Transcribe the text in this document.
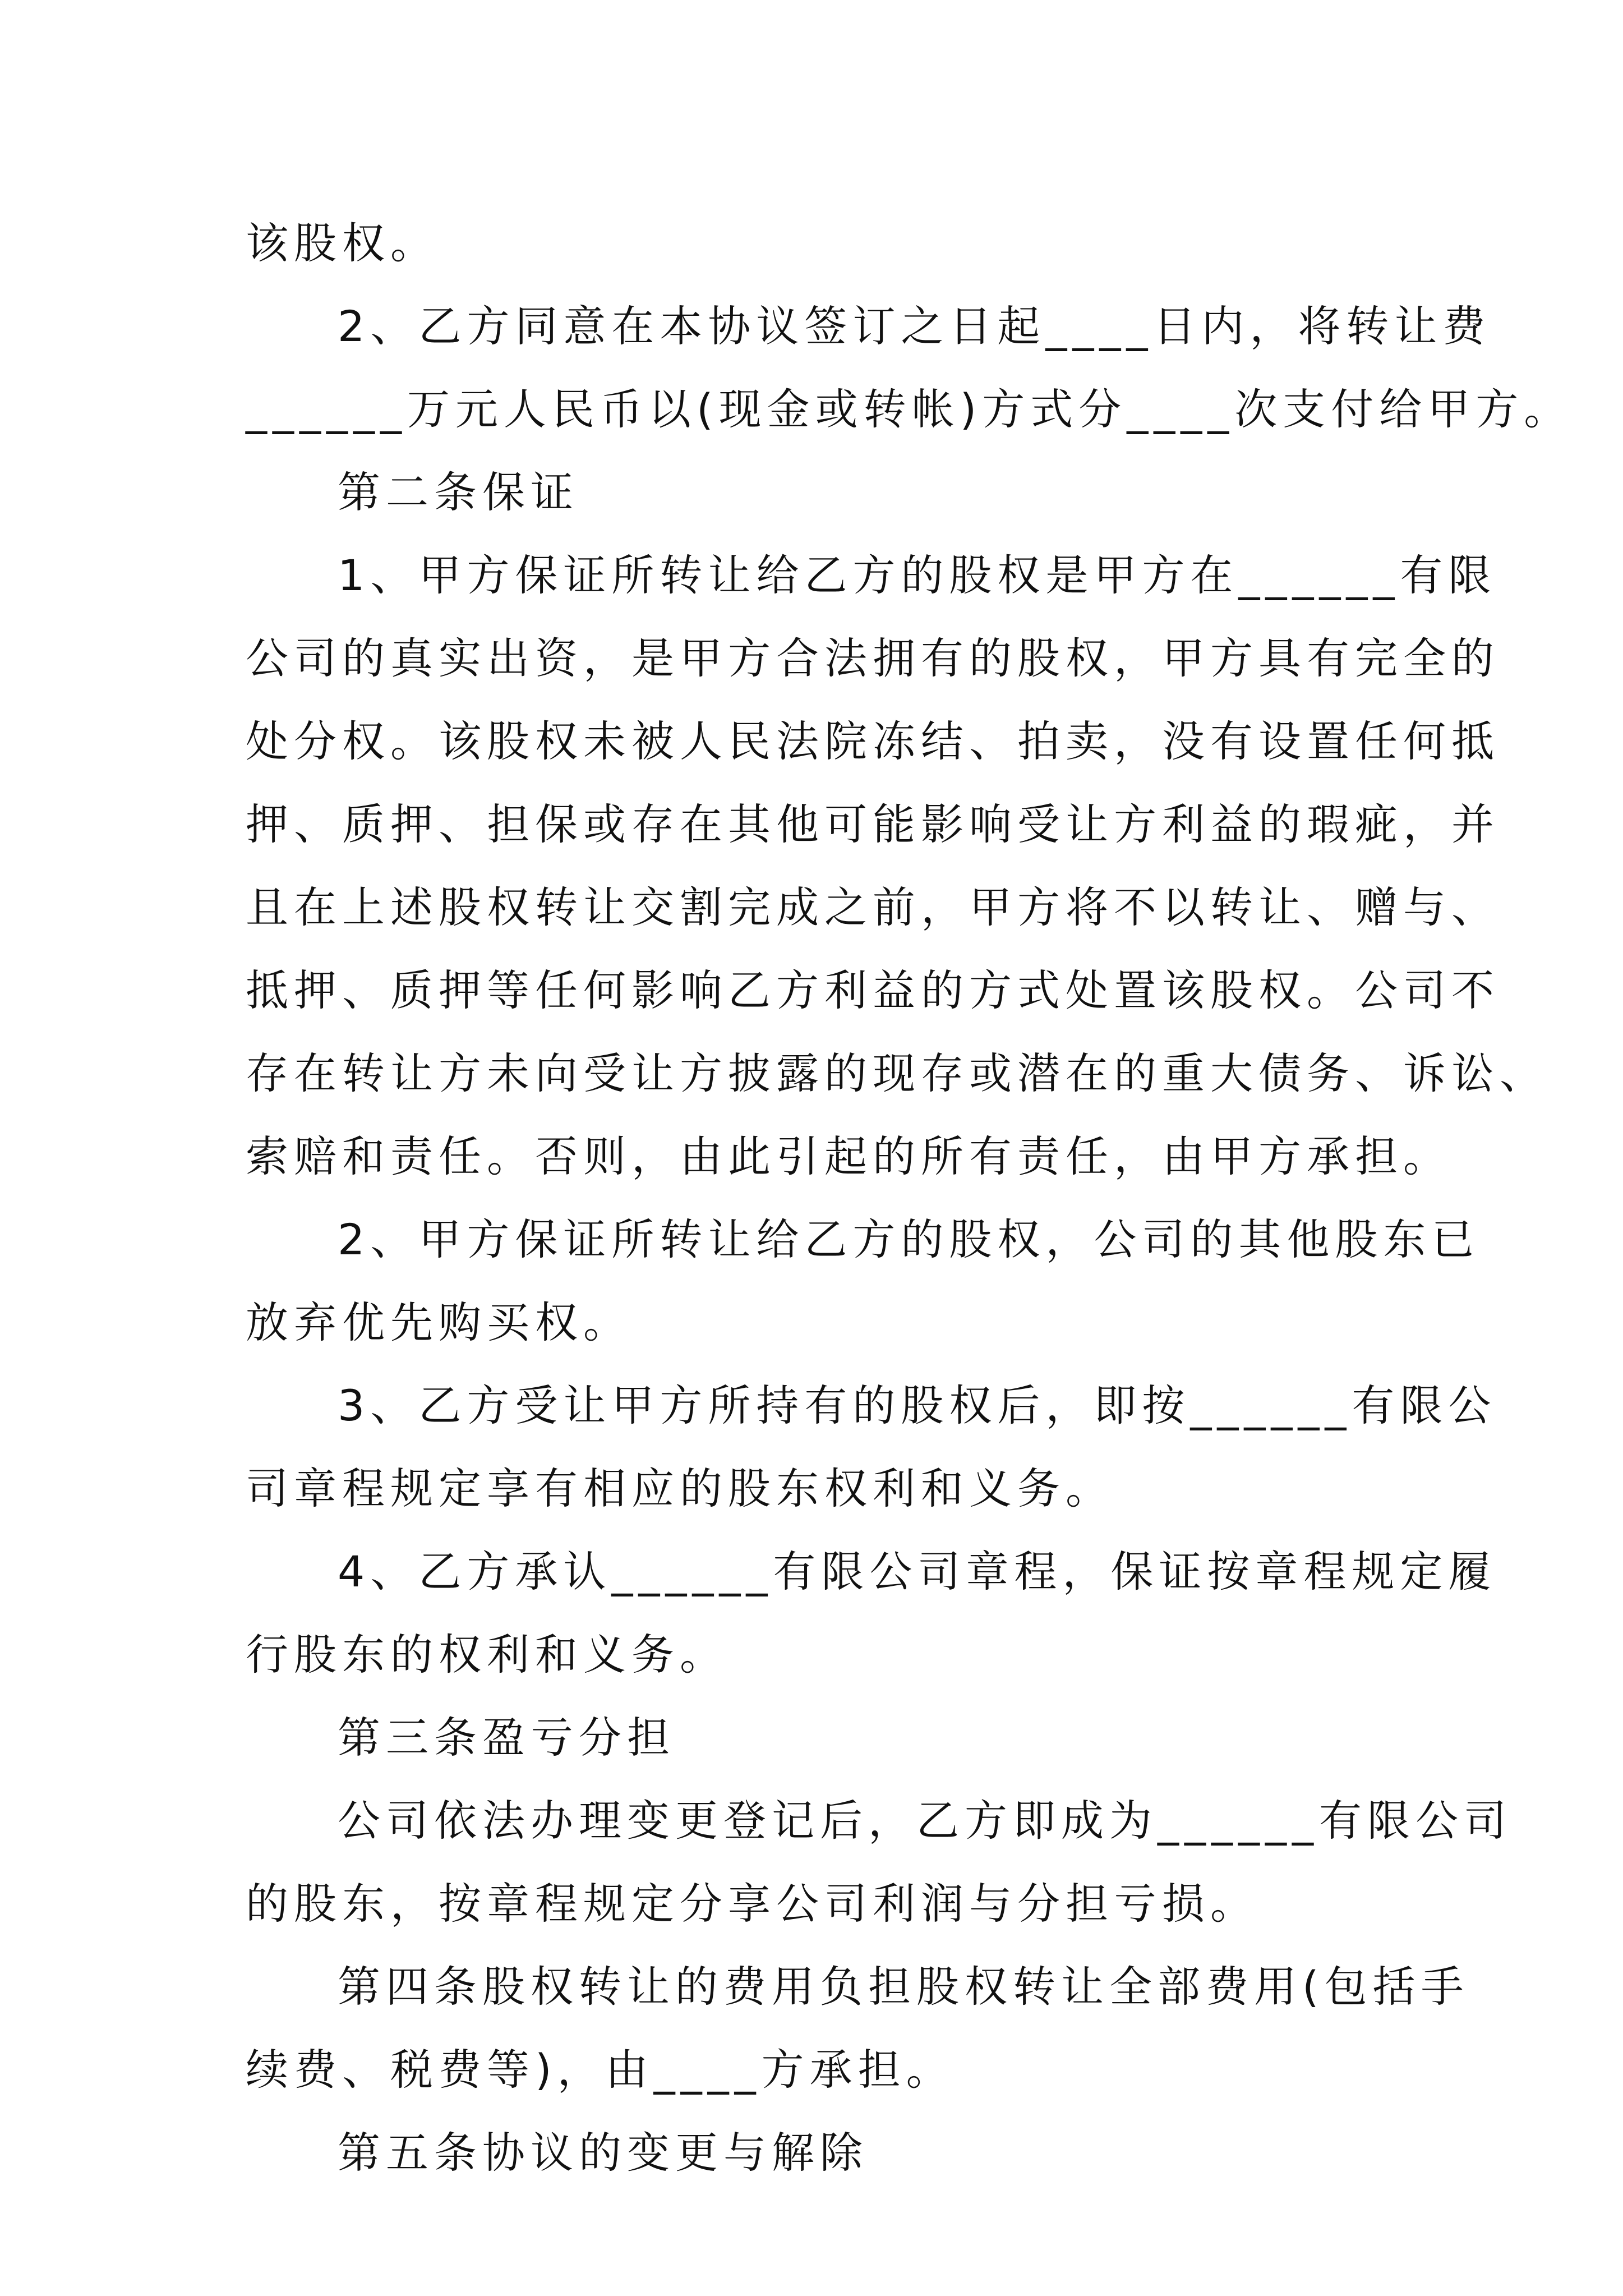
该股权。
2、乙方同意在本协议签订之日起____日内，将转让费
______万元人民币以(现金或转帐)方式分____次支付给甲方。
第二条保证
1、甲方保证所转让给乙方的股权是甲方在______有限
公司的真实出资，是甲方合法拥有的股权，甲方具有完全的
处分权。该股权未被人民法院冻结、拍卖，没有设置任何抵
押、质押、担保或存在其他可能影响受让方利益的瑕疵，并
且在上述股权转让交割完成之前，甲方将不以转让、赠与、
抵押、质押等任何影响乙方利益的方式处置该股权。公司不
存在转让方未向受让方披露的现存或潜在的重大债务、诉讼、
索赔和责任。否则，由此引起的所有责任，由甲方承担。
2、甲方保证所转让给乙方的股权，公司的其他股东已
放弃优先购买权。
3、乙方受让甲方所持有的股权后，即按______有限公
司章程规定享有相应的股东权利和义务。
4、乙方承认______有限公司章程，保证按章程规定履
行股东的权利和义务。
第三条盈亏分担
公司依法办理变更登记后，乙方即成为______有限公司
的股东，按章程规定分享公司利润与分担亏损。
第四条股权转让的费用负担股权转让全部费用(包括手
续费、税费等)，由____方承担。
第五条协议的变更与解除
